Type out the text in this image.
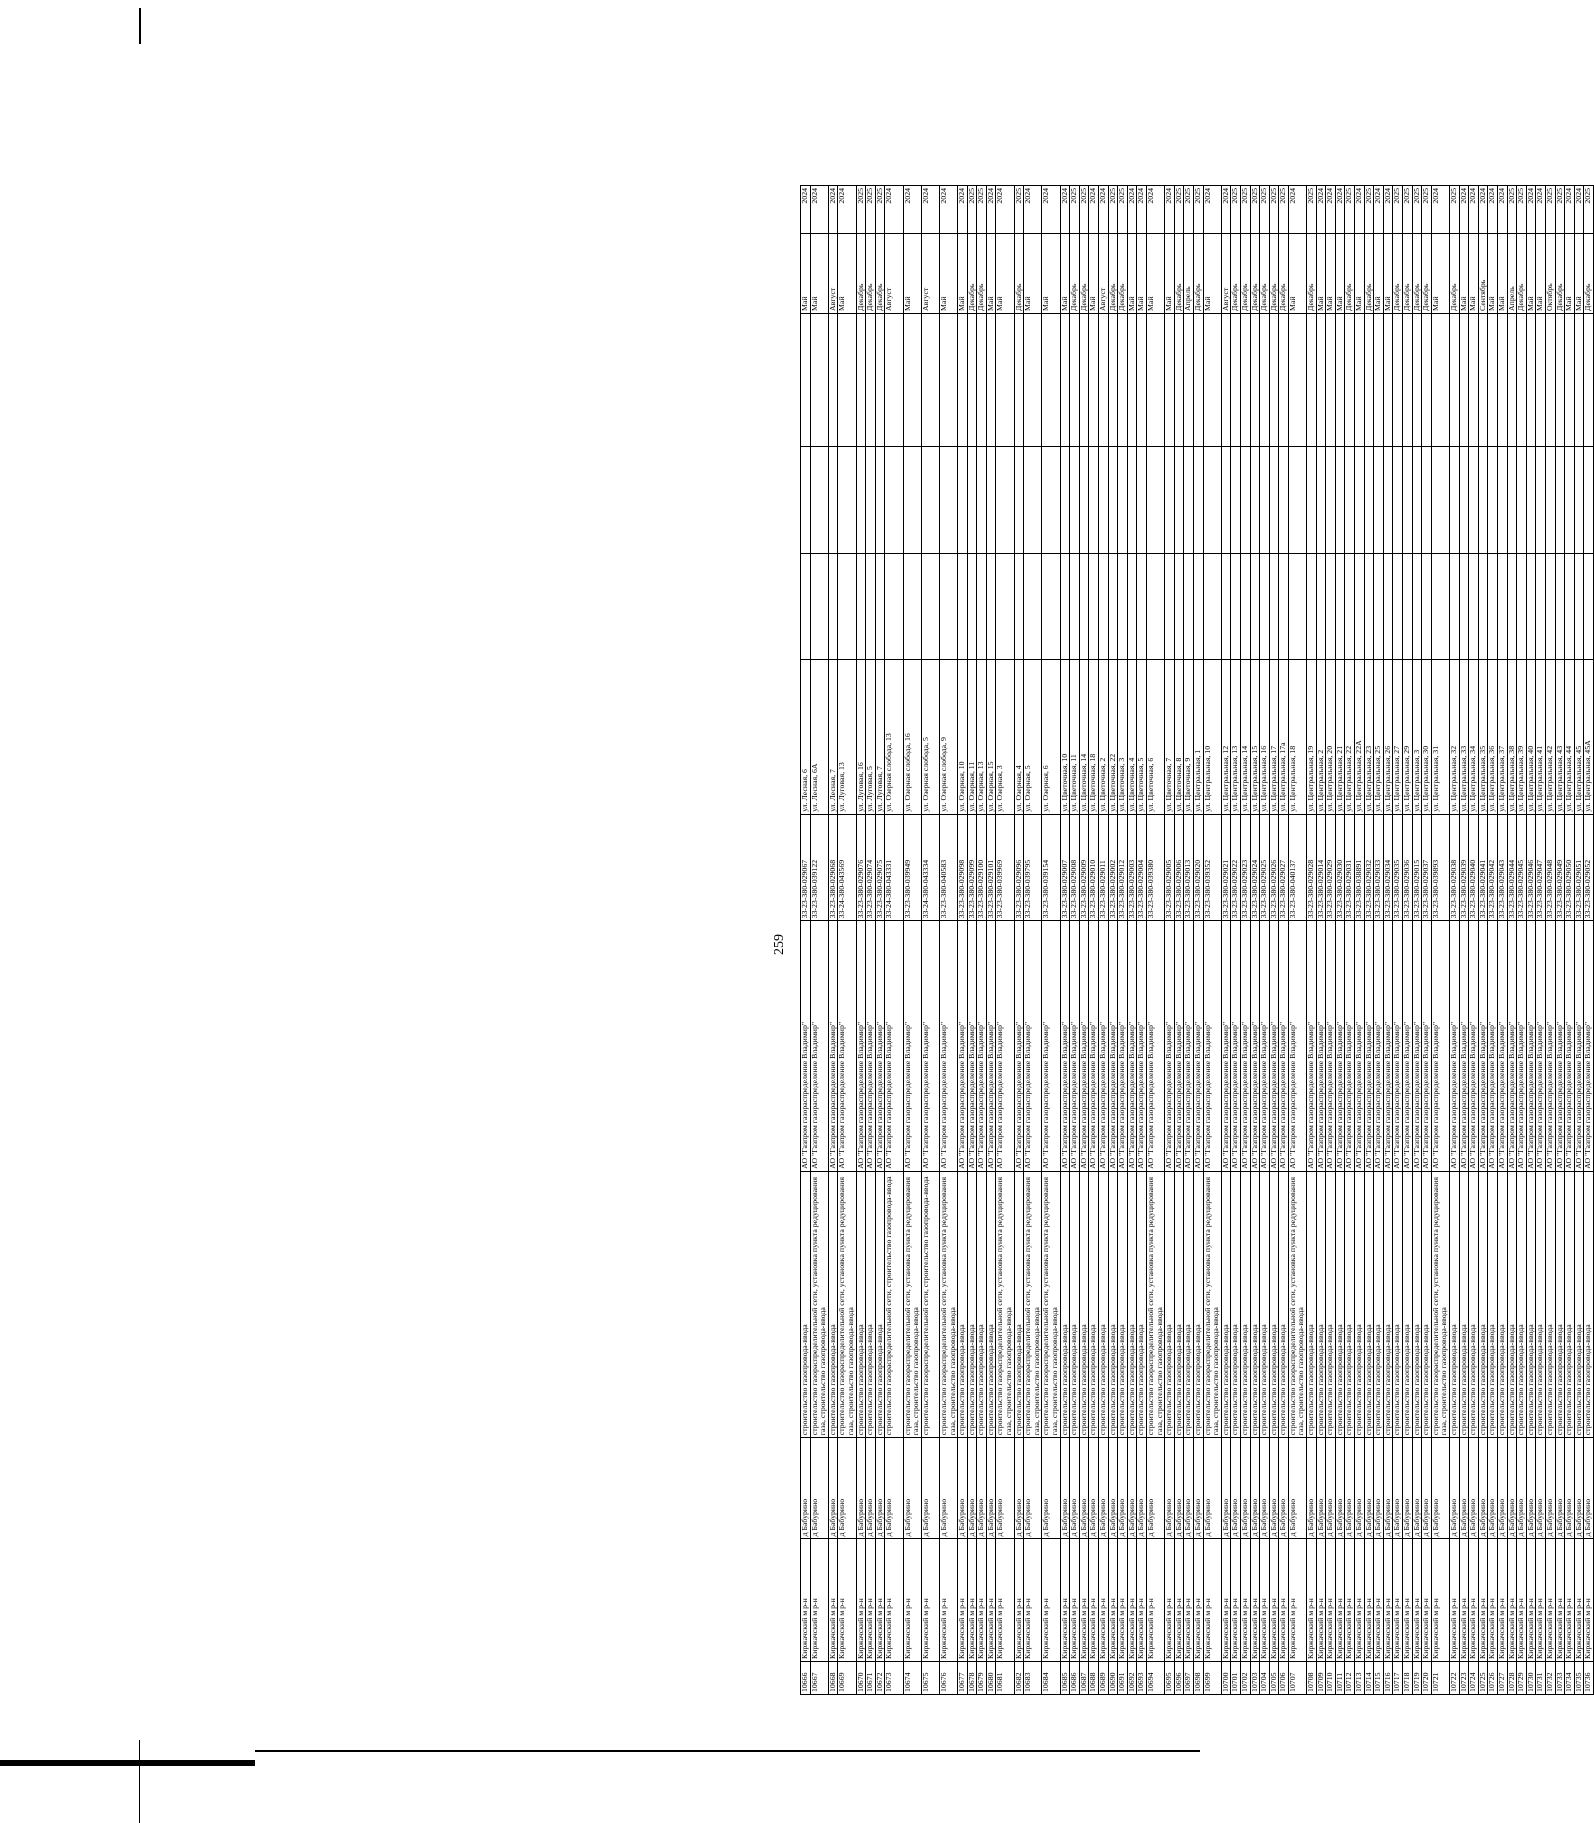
259
10666	Киржачский м р-н	д Бабурино	строительство газопровода-ввода	АО "Газпром газораспределение Владимир"	33-23-380-029067	ул. Лесная, 6				Май	2024
10667	Киржачский м р-н	д Бабурино	строительство газораспределительной сети, установка пункта редуцирования газа, строительство газопровода-ввода	АО "Газпром газораспределение Владимир"	33-23-380-039122	ул. Лесная, 6А				Май	2024
10668	Киржачский м р-н	д Бабурино	строительство газопровода-ввода	АО "Газпром газораспределение Владимир"	33-23-380-029068	ул. Лесная, 7				Август	2024
10669	Киржачский м р-н	д Бабурино	строительство газораспределительной сети, установка пункта редуцирования газа, строительство газопровода-ввода	АО "Газпром газораспределение Владимир"	33-24-380-043569	ул. Луговая, 13				Май	2024
10670	Киржачский м р-н	д Бабурино	строительство газопровода-ввода	АО "Газпром газораспределение Владимир"	33-23-380-029076	ул. Луговая, 16				Декабрь	2025
10671	Киржачский м р-н	д Бабурино	строительство газопровода-ввода	АО "Газпром газораспределение Владимир"	33-23-380-029074	ул. Луговая, 5				Декабрь	2025
10672	Киржачский м р-н	д Бабурино	строительство газопровода-ввода	АО "Газпром газораспределение Владимир"	33-23-380-029075	ул. Луговая, 7				Декабрь	2025
10673	Киржачский м р-н	д Бабурино	строительство газораспределительной сети, строительство газопровода-ввода	АО "Газпром газораспределение Владимир"	33-24-380-043331	ул. Озерная слобода, 13				Август	2024
10674	Киржачский м р-н	д Бабурино	строительство газораспределительной сети, установка пункта редуцирования газа, строительство газопровода-ввода	АО "Газпром газораспределение Владимир"	33-23-380-039949	ул. Озерная слобода, 16				Май	2024
10675	Киржачский м р-н	д Бабурино	строительство газораспределительной сети, строительство газопровода-ввода	АО "Газпром газораспределение Владимир"	33-24-380-043334	ул. Озерная слобода, 5				Август	2024
10676	Киржачский м р-н	д Бабурино	строительство газораспределительной сети, установка пункта редуцирования газа, строительство газопровода-ввода	АО "Газпром газораспределение Владимир"	33-23-380-040583	ул. Озерная слобода, 9				Май	2024
10677	Киржачский м р-н	д Бабурино	строительство газопровода-ввода	АО "Газпром газораспределение Владимир"	33-23-380-029098	ул. Озерная, 10				Май	2024
10678	Киржачский м р-н	д Бабурино	строительство газопровода-ввода	АО "Газпром газораспределение Владимир"	33-23-380-029099	ул. Озерная, 11				Декабрь	2025
10679	Киржачский м р-н	д Бабурино	строительство газопровода-ввода	АО "Газпром газораспределение Владимир"	33-23-380-029100	ул. Озерная, 13				Декабрь	2025
10680	Киржачский м р-н	д Бабурино	строительство газопровода-ввода	АО "Газпром газораспределение Владимир"	33-23-380-029101	ул. Озерная, 15				Май	2024
10681	Киржачский м р-н	д Бабурино	строительство газораспределительной сети, установка пункта редуцирования газа, строительство газопровода-ввода	АО "Газпром газораспределение Владимир"	33-23-380-039969	ул. Озерная, 3				Май	2024
10682	Киржачский м р-н	д Бабурино	строительство газопровода-ввода	АО "Газпром газораспределение Владимир"	33-23-380-029096	ул. Озерная, 4				Декабрь	2025
10683	Киржачский м р-н	д Бабурино	строительство газораспределительной сети, установка пункта редуцирования газа, строительство газопровода-ввода	АО "Газпром газораспределение Владимир"	33-23-380-039795	ул. Озерная, 5				Май	2024
10684	Киржачский м р-н	д Бабурино	строительство газораспределительной сети, установка пункта редуцирования газа, строительство газопровода-ввода	АО "Газпром газораспределение Владимир"	33-23-380-039154	ул. Озерная, 6				Май	2024
10685	Киржачский м р-н	д Бабурино	строительство газопровода-ввода	АО "Газпром газораспределение Владимир"	33-23-380-029007	ул. Цветочная, 10				Май	2024
10686	Киржачский м р-н	д Бабурино	строительство газопровода-ввода	АО "Газпром газораспределение Владимир"	33-23-380-029008	ул. Цветочная, 11				Декабрь	2025
10687	Киржачский м р-н	д Бабурино	строительство газопровода-ввода	АО "Газпром газораспределение Владимир"	33-23-380-029009	ул. Цветочная, 14				Декабрь	2025
10688	Киржачский м р-н	д Бабурино	строительство газопровода-ввода	АО "Газпром газораспределение Владимир"	33-23-380-029010	ул. Цветочная, 18				Май	2024
10689	Киржачский м р-н	д Бабурино	строительство газопровода-ввода	АО "Газпром газораспределение Владимир"	33-23-380-029011	ул. Цветочная, 2				Август	2024
10690	Киржачский м р-н	д Бабурино	строительство газопровода-ввода	АО "Газпром газораспределение Владимир"	33-23-380-029002	ул. Цветочная, 22				Декабрь	2025
10691	Киржачский м р-н	д Бабурино	строительство газопровода-ввода	АО "Газпром газораспределение Владимир"	33-23-380-029012	ул. Цветочная, 3				Декабрь	2025
10692	Киржачский м р-н	д Бабурино	строительство газопровода-ввода	АО "Газпром газораспределение Владимир"	33-23-380-029003	ул. Цветочная, 4				Май	2024
10693	Киржачский м р-н	д Бабурино	строительство газопровода-ввода	АО "Газпром газораспределение Владимир"	33-23-380-029004	ул. Цветочная, 5				Май	2024
10694	Киржачский м р-н	д Бабурино	строительство газораспределительной сети, установка пункта редуцирования газа, строительство газопровода-ввода	АО "Газпром газораспределение Владимир"	33-23-380-039380	ул. Цветочная, 6				Май	2024
10695	Киржачский м р-н	д Бабурино	строительство газопровода-ввода	АО "Газпром газораспределение Владимир"	33-23-380-029005	ул. Цветочная, 7				Май	2024
10696	Киржачский м р-н	д Бабурино	строительство газопровода-ввода	АО "Газпром газораспределение Владимир"	33-23-380-029006	ул. Цветочная, 8				Декабрь	2025
10697	Киржачский м р-н	д Бабурино	строительство газопровода-ввода	АО "Газпром газораспределение Владимир"	33-23-380-029013	ул. Цветочная, 9				Апрель	2025
10698	Киржачский м р-н	д Бабурино	строительство газопровода-ввода	АО "Газпром газораспределение Владимир"	33-23-380-029020	ул. Центральная, 1				Декабрь	2025
10699	Киржачский м р-н	д Бабурино	строительство газораспределительной сети, установка пункта редуцирования газа, строительство газопровода-ввода	АО "Газпром газораспределение Владимир"	33-23-380-039352	ул. Центральная, 10				Май	2024
10700	Киржачский м р-н	д Бабурино	строительство газопровода-ввода	АО "Газпром газораспределение Владимир"	33-23-380-029021	ул. Центральная, 12				Август	2024
10701	Киржачский м р-н	д Бабурино	строительство газопровода-ввода	АО "Газпром газораспределение Владимир"	33-23-380-029022	ул. Центральная, 13				Декабрь	2025
10702	Киржачский м р-н	д Бабурино	строительство газопровода-ввода	АО "Газпром газораспределение Владимир"	33-23-380-029023	ул. Центральная, 14				Декабрь	2025
10703	Киржачский м р-н	д Бабурино	строительство газопровода-ввода	АО "Газпром газораспределение Владимир"	33-23-380-029024	ул. Центральная, 15				Декабрь	2025
10704	Киржачский м р-н	д Бабурино	строительство газопровода-ввода	АО "Газпром газораспределение Владимир"	33-23-380-029025	ул. Центральная, 16				Декабрь	2025
10705	Киржачский м р-н	д Бабурино	строительство газопровода-ввода	АО "Газпром газораспределение Владимир"	33-23-380-029026	ул. Центральная, 17				Декабрь	2025
10706	Киржачский м р-н	д Бабурино	строительство газопровода-ввода	АО "Газпром газораспределение Владимир"	33-23-380-029027	ул. Центральная, 17а				Декабрь	2025
10707	Киржачский м р-н	д Бабурино	строительство газораспределительной сети, установка пункта редуцирования газа, строительство газопровода-ввода	АО "Газпром газораспределение Владимир"	33-23-380-040137	ул. Центральная, 18				Май	2024
10708	Киржачский м р-н	д Бабурино	строительство газопровода-ввода	АО "Газпром газораспределение Владимир"	33-23-380-029028	ул. Центральная, 19				Декабрь	2025
10709	Киржачский м р-н	д Бабурино	строительство газопровода-ввода	АО "Газпром газораспределение Владимир"	33-23-380-029014	ул. Центральная, 2				Май	2024
10710	Киржачский м р-н	д Бабурино	строительство газопровода-ввода	АО "Газпром газораспределение Владимир"	33-23-380-029029	ул. Центральная, 20				Май	2024
10711	Киржачский м р-н	д Бабурино	строительство газопровода-ввода	АО "Газпром газораспределение Владимир"	33-23-380-029030	ул. Центральная, 21				Май	2024
10712	Киржачский м р-н	д Бабурино	строительство газопровода-ввода	АО "Газпром газораспределение Владимир"	33-23-380-029031	ул. Центральная, 22				Декабрь	2025
10713	Киржачский м р-н	д Бабурино	строительство газопровода-ввода	АО "Газпром газораспределение Владимир"	33-23-380-038891	ул. Центральная, 22А				Май	2024
10714	Киржачский м р-н	д Бабурино	строительство газопровода-ввода	АО "Газпром газораспределение Владимир"	33-23-380-029032	ул. Центральная, 23				Декабрь	2025
10715	Киржачский м р-н	д Бабурино	строительство газопровода-ввода	АО "Газпром газораспределение Владимир"	33-23-380-029033	ул. Центральная, 25				Май	2024
10716	Киржачский м р-н	д Бабурино	строительство газопровода-ввода	АО "Газпром газораспределение Владимир"	33-23-380-029034	ул. Центральная, 26				Май	2024
10717	Киржачский м р-н	д Бабурино	строительство газопровода-ввода	АО "Газпром газораспределение Владимир"	33-23-380-029035	ул. Центральная, 27				Декабрь	2025
10718	Киржачский м р-н	д Бабурино	строительство газопровода-ввода	АО "Газпром газораспределение Владимир"	33-23-380-029036	ул. Центральная, 29				Декабрь	2025
10719	Киржачский м р-н	д Бабурино	строительство газопровода-ввода	АО "Газпром газораспределение Владимир"	33-23-380-029015	ул. Центральная, 3				Декабрь	2025
10720	Киржачский м р-н	д Бабурино	строительство газопровода-ввода	АО "Газпром газораспределение Владимир"	33-23-380-029037	ул. Центральная, 30				Декабрь	2025
10721	Киржачский м р-н	д Бабурино	строительство газораспределительной сети, установка пункта редуцирования газа, строительство газопровода-ввода	АО "Газпром газораспределение Владимир"	33-23-380-039893	ул. Центральная, 31				Май	2024
10722	Киржачский м р-н	д Бабурино	строительство газопровода-ввода	АО "Газпром газораспределение Владимир"	33-23-380-029038	ул. Центральная, 32				Декабрь	2025
10723	Киржачский м р-н	д Бабурино	строительство газопровода-ввода	АО "Газпром газораспределение Владимир"	33-23-380-029039	ул. Центральная, 33				Май	2024
10724	Киржачский м р-н	д Бабурино	строительство газопровода-ввода	АО "Газпром газораспределение Владимир"	33-23-380-029040	ул. Центральная, 34				Май	2024
10725	Киржачский м р-н	д Бабурино	строительство газопровода-ввода	АО "Газпром газораспределение Владимир"	33-23-380-029041	ул. Центральная, 35				Сентябрь	2024
10726	Киржачский м р-н	д Бабурино	строительство газопровода-ввода	АО "Газпром газораспределение Владимир"	33-23-380-029042	ул. Центральная, 36				Май	2024
10727	Киржачский м р-н	д Бабурино	строительство газопровода-ввода	АО "Газпром газораспределение Владимир"	33-23-380-029043	ул. Центральная, 37				Май	2024
10728	Киржачский м р-н	д Бабурино	строительство газопровода-ввода	АО "Газпром газораспределение Владимир"	33-23-380-029044	ул. Центральная, 38				Апрель	2025
10729	Киржачский м р-н	д Бабурино	строительство газопровода-ввода	АО "Газпром газораспределение Владимир"	33-23-380-029045	ул. Центральная, 39				Декабрь	2025
10730	Киржачский м р-н	д Бабурино	строительство газопровода-ввода	АО "Газпром газораспределение Владимир"	33-23-380-029046	ул. Центральная, 40				Май	2024
10731	Киржачский м р-н	д Бабурино	строительство газопровода-ввода	АО "Газпром газораспределение Владимир"	33-23-380-029047	ул. Центральная, 41				Май	2024
10732	Киржачский м р-н	д Бабурино	строительство газопровода-ввода	АО "Газпром газораспределение Владимир"	33-23-380-029048	ул. Центральная, 42				Октябрь	2025
10733	Киржачский м р-н	д Бабурино	строительство газопровода-ввода	АО "Газпром газораспределение Владимир"	33-23-380-029049	ул. Центральная, 43				Декабрь	2025
10734	Киржачский м р-н	д Бабурино	строительство газопровода-ввода	АО "Газпром газораспределение Владимир"	33-23-380-029050	ул. Центральная, 44				Май	2024
10735	Киржачский м р-н	д Бабурино	строительство газопровода-ввода	АО "Газпром газораспределение Владимир"	33-23-380-029051	ул. Центральная, 45				Май	2024
10736	Киржачский м р-н	д Бабурино	строительство газопровода-ввода	АО "Газпром газораспределение Владимир"	33-23-380-029052	ул. Центральная, 45А				Декабрь	2025
